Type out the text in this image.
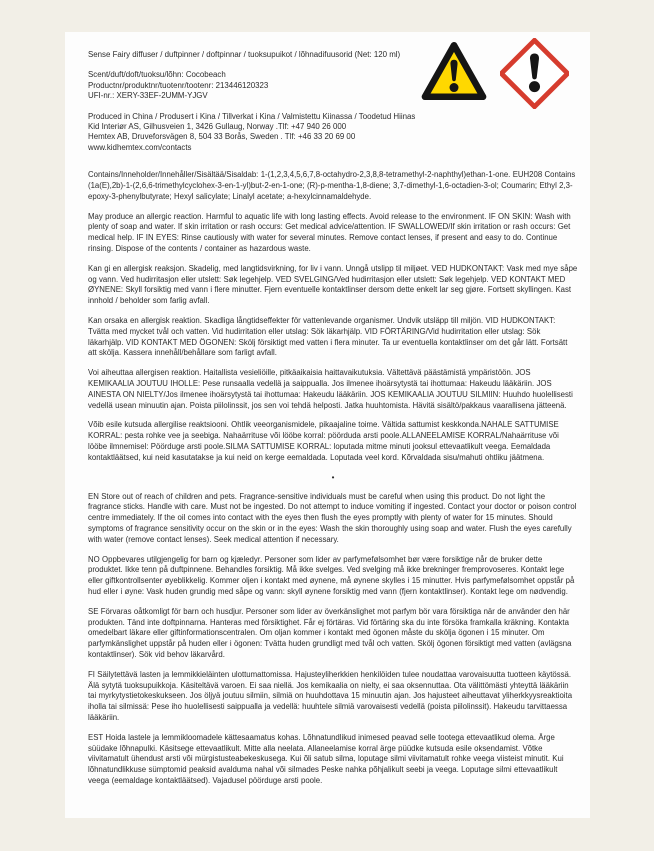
Sense Fairy diffuser / duftpinner / doftpinnar / tuoksupuikot / lõhnadifuusorid (Net: 120 ml)

Scent/duft/doft/tuoksu/lõhn: Cocobeach

Productnr/produktnr/tuotenr/tootenr: 213446120323

UFI-nr.: XERY-33EF-2UMM-YJGV

Produced in China / Produsert i Kina / Tillverkat i Kina / Valmistettu Kiinassa / Toodetud Hiinas

Kid Interiør AS, Gilhusveien 1, 3426 Gullaug, Norway .Tlf: +47 940 26 000

Hemtex AB, Druveforsvägen 8, 504 33 Borås, Sweden . Tlf: +46 33 20 69 00

www.kidhemtex.com/contacts

Contains/Inneholder/Innehåller/Sisältää/Sisaldab: 1-(1,2,3,4,5,6,7,8-octahydro-2,3,8,8-tetramethyl-2-naphthyl)ethan-1-one. EUH208 Contains (1a(E),2b)-1-(2,6,6-trimethylcyclohex-3-en-1-yl)but-2-en-1-one; (R)-p-mentha-1,8-diene; 3,7-dimethyl-1,6-octadien-3-ol; Coumarin; Ethyl 2,3-epoxy-3-phenylbutyrate; Hexyl salicylate; Linalyl acetate; a-hexylcinnamaldehyde.

May produce an allergic reaction. Harmful to aquatic life with long lasting effects. Avoid release to the environment. IF ON SKIN: Wash with plenty of soap and water. If skin irritation or rash occurs: Get medical advice/attention. IF SWALLOWED/If skin irritation or rash occurs: Get medical help. IF IN EYES: Rinse cautiously with water for several minutes. Remove contact lenses, if present and easy to do. Continue rinsing. Dispose of the contents / container as hazardous waste.

Kan gi en allergisk reaksjon. Skadelig, med langtidsvirkning, for liv i vann. Unngå utslipp til miljøet. VED HUDKONTAKT: Vask med mye såpe og vann. Ved hudirritasjon eller utslett: Søk legehjelp. VED SVELGING/Ved hudirritasjon eller utslett: Søk legehjelp. VED KONTAKT MED ØYNENE: Skyll forsiktig med vann i flere minutter. Fjern eventuelle kontaktlinser dersom dette enkelt lar seg gjøre. Fortsett skyllingen. Kast innhold / beholder som farlig avfall.

Kan orsaka en allergisk reaktion. Skadliga långtidseffekter för vattenlevande organismer. Undvik utsläpp till miljön. VID HUDKONTAKT: Tvätta med mycket tvål och vatten. Vid hudirritation eller utslag: Sök läkarhjälp. VID FÖRTÄRING/Vid hudirritation eller utslag: Sök läkarhjälp. VID KONTAKT MED ÖGONEN: Skölj försiktigt med vatten i flera minuter. Ta ur eventuella kontaktlinser om det går lätt. Fortsätt att skölja. Kassera innehåll/behållare som farligt avfall.

Voi aiheuttaa allergisen reaktion. Haitallista vesieliöille, pitkäaikaisia haittavaikutuksia. Vältettävä päästämistä ympäristöön. JOS KEMIKAALIA JOUTUU IHOLLE: Pese runsaalla vedellä ja saippualla. Jos ilmenee ihoärsytystä tai ihottumaa: Hakeudu lääkäriin. JOS AINESTA ON NIELTY/Jos ilmenee ihoärsytystä tai ihottumaa: Hakeudu lääkäriin. JOS KEMIKAALIA JOUTUU SILMIIN: Huuhdo huolellisesti vedellä usean minuutin ajan. Poista piilolinssit, jos sen voi tehdä helposti. Jatka huuhtomista. Hävitä sisältö/pakkaus vaarallisena jätteenä.

Võib esile kutsuda allergilise reaktsiooni. Ohtlik veeorganismidele, pikaajaline toime. Vältida sattumist keskkonda.NAHALE SATTUMISE KORRAL: pesta rohke vee ja seebiga. Nahaärrituse või lööbe korral: pöörduda arsti poole.ALLANEELAMISE KORRAL/Nahaärrituse või lööbe ilmnemisel: Pöörduge arsti poole.SILMA SATTUMISE KORRAL: loputada mitme minuti jooksul ettevaatlikult veega. Eemaldada kontaktläätsed, kui neid kasutatakse ja kui neid on kerge eemaldada. Loputada veel kord. Kõrvaldada sisu/mahuti ohtliku jäätmena.

•

EN Store out of reach of children and pets. Fragrance-sensitive individuals must be careful when using this product. Do not light the fragrance sticks. Handle with care. Must not be ingested. Do not attempt to induce vomiting if ingested. Contact your doctor or poison control centre immediately. If the oil comes into contact with the eyes then flush the eyes promptly with plenty of water for 15 minutes. Should symptoms of fragrance sensitivity occur on the skin or in the eyes: Wash the skin thoroughly using soap and water. Flush the eyes carefully with water (remove contact lenses). Seek medical attention if necessary.

NO Oppbevares utilgjengelig for barn og kjæledyr. Personer som lider av parfymefølsomhet bør være forsiktige når de bruker dette produktet. Ikke tenn på duftpinnene. Behandles forsiktig. Må ikke svelges. Ved svelging må ikke brekninger fremprovoseres. Kontakt lege eller giftkontrollsenter øyeblikkelig. Kommer oljen i kontakt med øynene, må øynene skylles i 15 minutter. Hvis parfymefølsomhet oppstår på hud eller i øyne: Vask huden grundig med såpe og vann: skyll øynene forsiktig med vann (fjern kontaktlinser). Kontakt lege om nødvendig.

SE Förvaras oåtkomligt för barn och husdjur. Personer som lider av överkänslighet mot parfym bör vara försiktiga när de använder den här produkten. Tänd inte doftpinnarna. Hanteras med försiktighet. Får ej förtäras. Vid förtäring ska du inte försöka framkalla kräkning. Kontakta omedelbart läkare eller giftinformationscentralen. Om oljan kommer i kontakt med ögonen måste du skölja ögonen i 15 minuter. Om parfymkänslighet uppstår på huden eller i ögonen: Tvätta huden grundligt med tvål och vatten. Skölj ögonen försiktigt med vatten (avlägsna kontaktlinser). Sök vid behov läkarvård.

FI Säilytettävä lasten ja lemmikkieläinten ulottumattomissa. Hajusteyliherkkien henkilöiden tulee noudattaa varovaisuutta tuotteen käytössä. Älä sytytä tuoksupuikkoja. Käsiteltävä varoen. Ei saa niellä. Jos kemikaalia on nielty, ei saa oksennuttaa. Ota välittömästi yhteyttä lääkäriin tai myrkytystietokeskukseen. Jos öljyä joutuu silmiin, silmiä on huuhdottava 15 minuutin ajan. Jos hajusteet aiheuttavat yliherkkyysreaktioita iholla tai silmissä: Pese iho huolellisesti saippualla ja vedellä: huuhtele silmiä varovaisesti vedellä (poista piilolinssit). Hakeudu tarvittaessa lääkäriin.

EST Hoida lastele ja lemmikloomadele kättesaamatus kohas. Lõhnatundlikud inimesed peavad selle tootega ettevaatlikud olema. Ärge süüdake lõhnapulki. Käsitsege ettevaatlikult. Mitte alla neelata. Allaneelamise korral ärge püüdke kutsuda esile oksendamist. Võtke viivitamatult ühendust arsti või mürgistusteabekeskusega. Kui õli satub silma, loputage silmi viivitamatult rohke veega viisteist minutit. Kui lõhnatundlikkuse sümptomid peaksid avalduma nahal või silmades Peske nahka põhjalikult seebi ja veega. Loputage silmi ettevaatlikult veega (eemaldage kontaktläätsed). Vajadusel pöörduge arsti poole.
